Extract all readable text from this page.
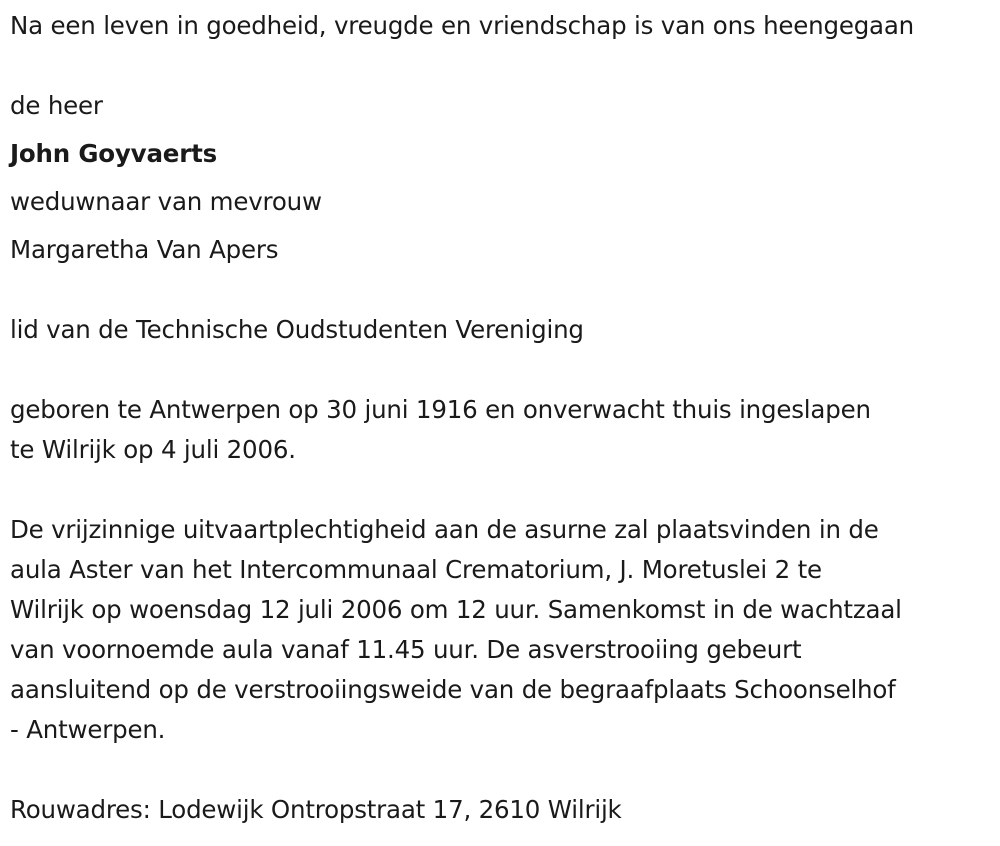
Na een leven in goedheid, vreugde en vriendschap is van ons heengegaan
de heer
John Goyvaerts
weduwnaar van mevrouw
Margaretha Van Apers
lid van de Technische Oudstudenten Vereniging
geboren te Antwerpen op 30 juni 1916 en onverwacht thuis ingeslapen
te Wilrijk op 4 juli 2006.
De vrijzinnige uitvaartplechtigheid aan de asurne zal plaatsvinden in de
aula Aster van het Intercommunaal Crematorium, J. Moretuslei 2 te
Wilrijk op woensdag 12 juli 2006 om 12 uur. Samenkomst in de wachtzaal
van voornoemde aula vanaf 11.45 uur. De asverstrooiing gebeurt
aansluitend op de verstrooiingsweide van de begraafplaats Schoonselhof
- Antwerpen.
Rouwadres: Lodewijk Ontropstraat 17, 2610 Wilrijk
